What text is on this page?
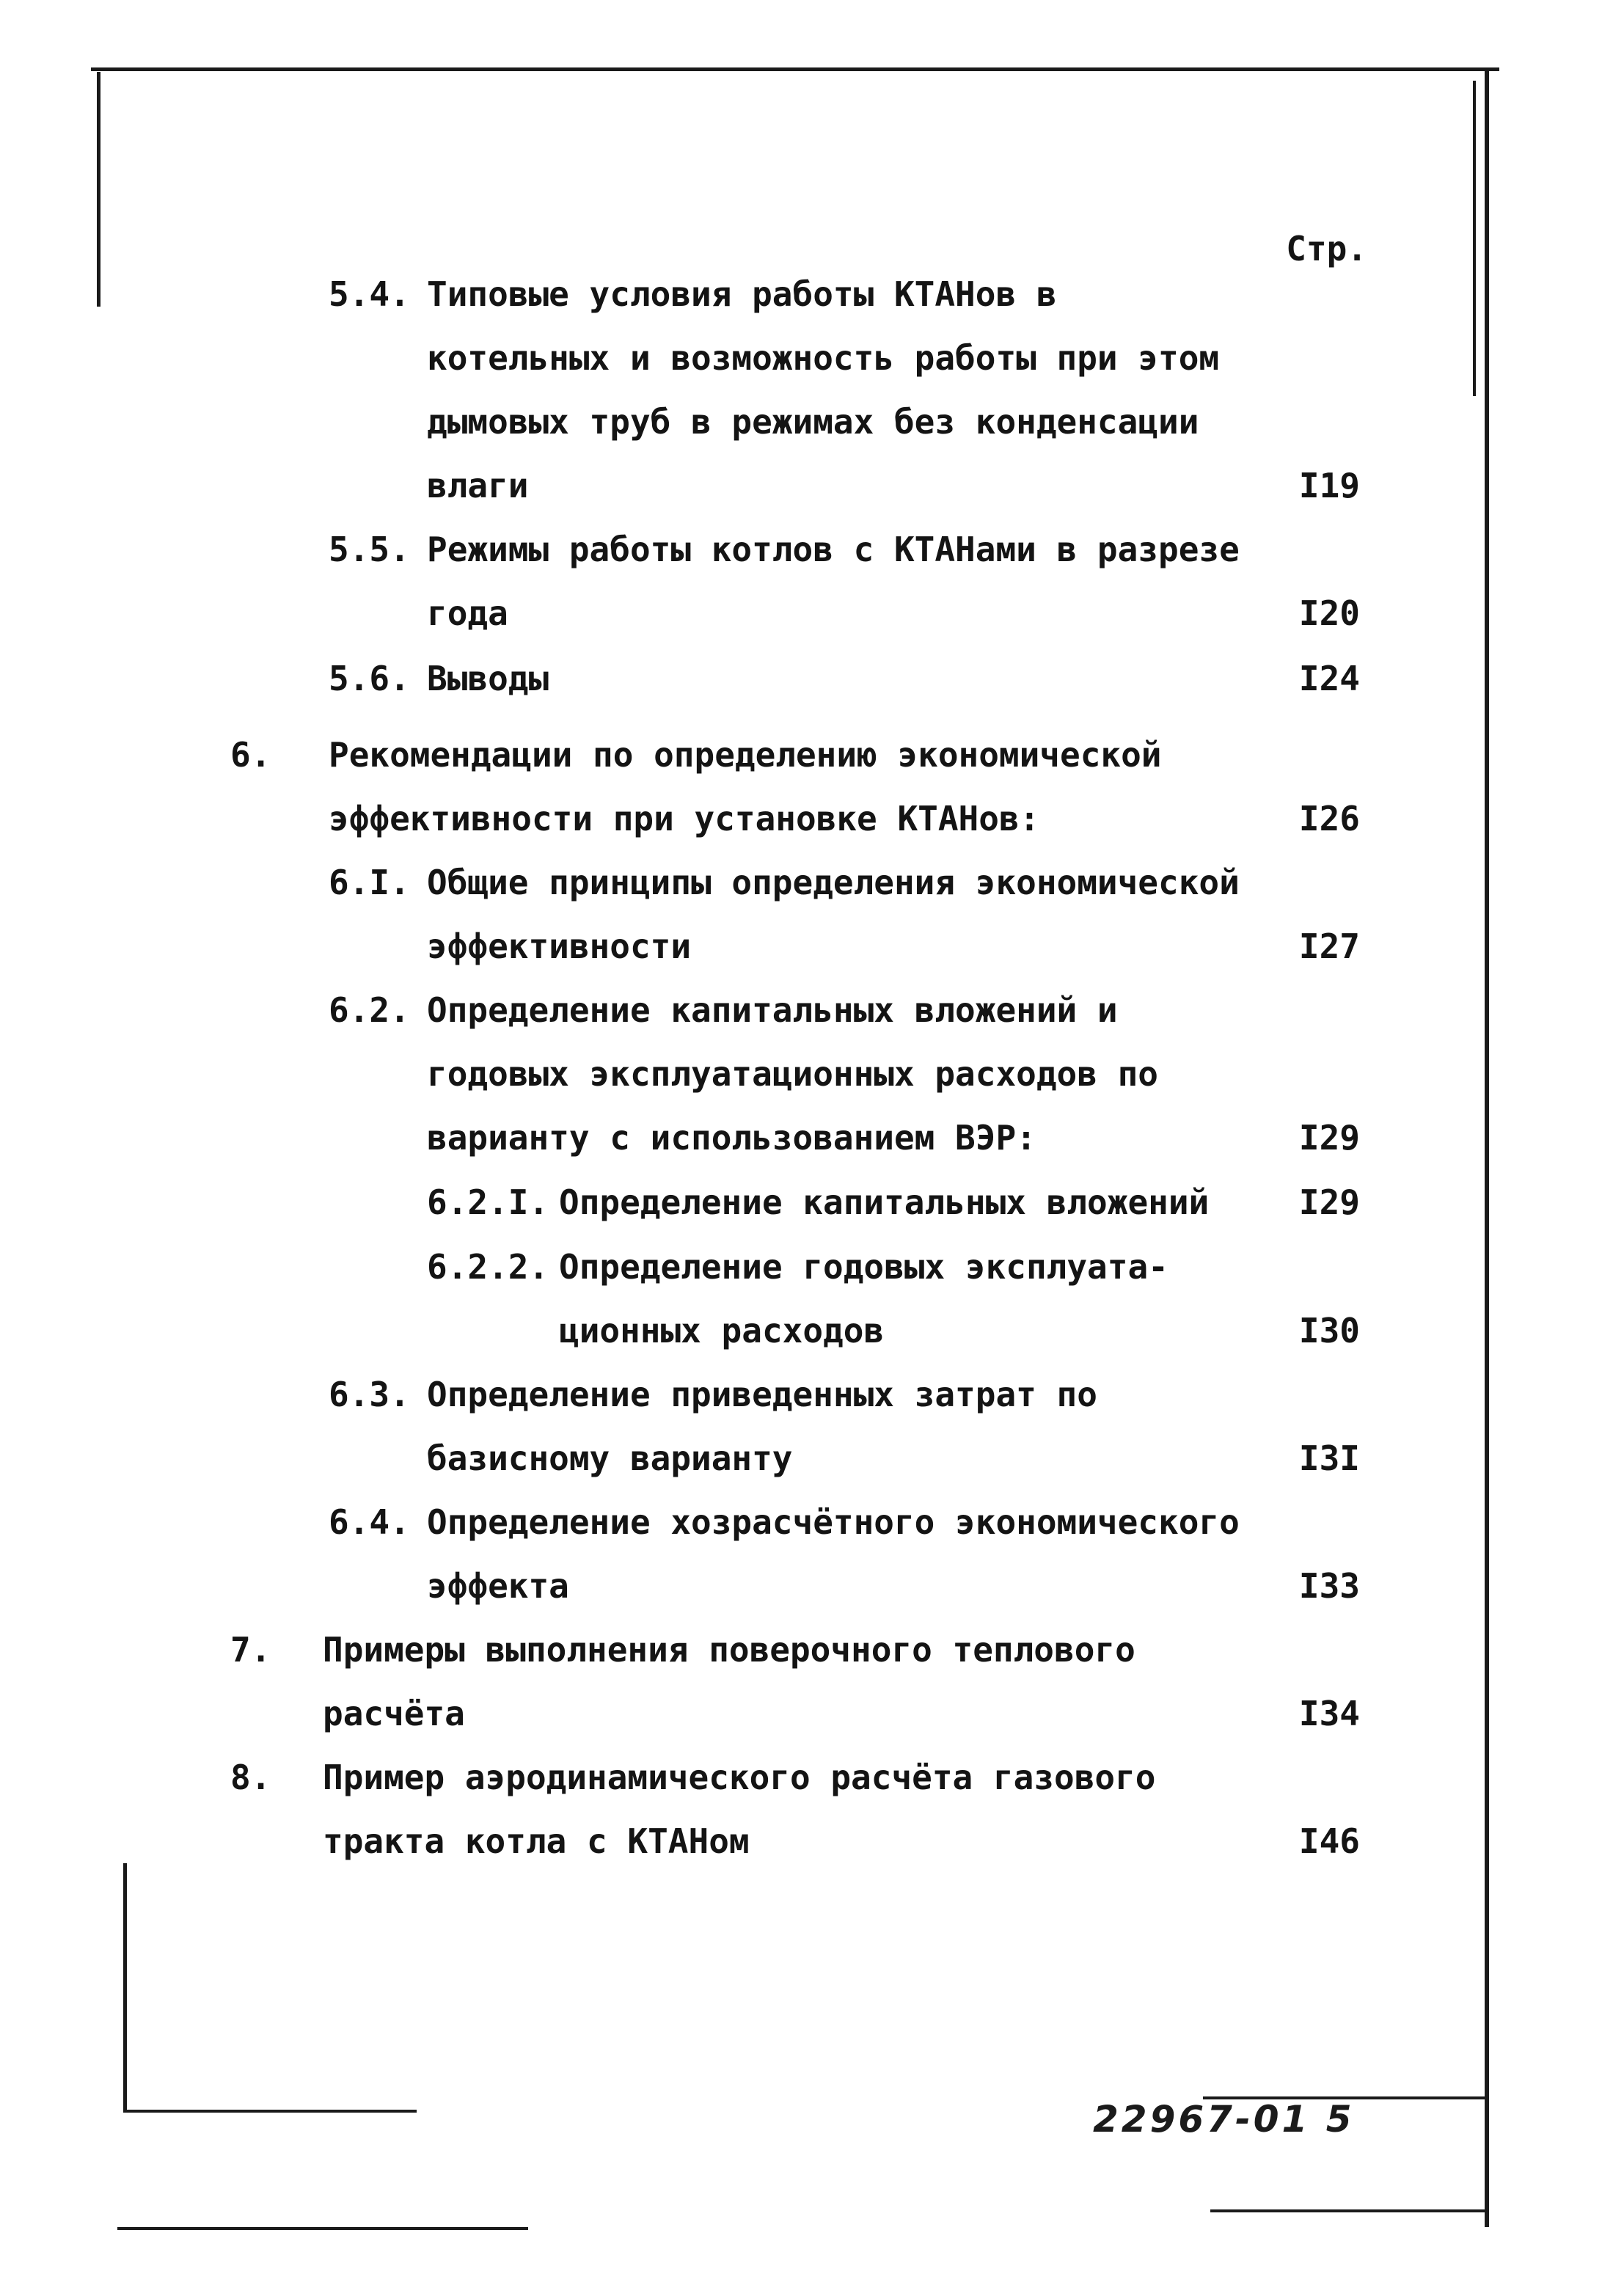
Стр.
5.4. Типовые условия работы КТАНов в
котельных и возможность работы при этом
дымовых труб в режимах без конденсации
влаги	I19
5.5. Режимы работы котлов с КТАНами в разрезе
года	I20
5.6. Выводы	I24
6. Рекомендации по определению экономической
эффективности при установке КТАНов:	I26
6.I. Общие принципы определения экономической
эффективности	I27
6.2. Определение капитальных вложений и
годовых эксплуатационных расходов по
варианту с использованием ВЭР:	I29
6.2.I. Определение капитальных вложений	I29
6.2.2. Определение годовых эксплуата-
ционных расходов	I30
6.3. Определение приведенных затрат по
базисному варианту	I3I
6.4. Определение хозрасчётного экономического
эффекта	I33
7. Примеры выполнения поверочного теплового
расчёта	I34
8. Пример аэродинамического расчёта газового
тракта котла с КТАНом	I46
22967-01 5
